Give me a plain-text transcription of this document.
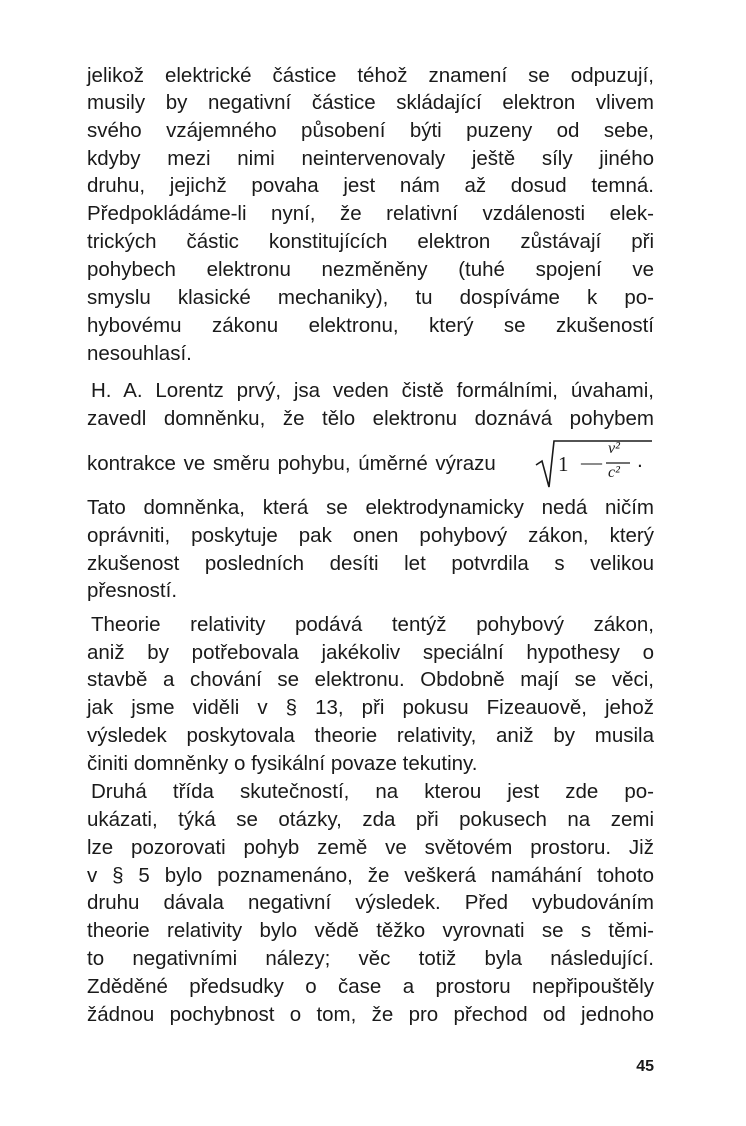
jelikož elektrické částice téhož znamení se odpuzují,
musily by negativní částice skládající elektron vlivem
svého vzájemného působení býti puzeny od sebe,
kdyby mezi nimi neintervenovaly ještě síly jiného
druhu, jejichž povaha jest nám až dosud temná.
Předpokládáme-li nyní, že relativní vzdálenosti elek-
trických částic konstitujících elektron zůstávají při
pohybech elektronu nezměněny (tuhé spojení ve
smyslu klasické mechaniky), tu dospíváme k po-
hybovému zákonu elektronu, který se zkušeností
nesouhlasí.
H. A. Lorentz prvý, jsa veden čistě formálními, úvahami,
zavedl domněnku, že tělo elektronu doznává pohybem
kontrakce ve směru pohybu, úměrné výrazu	1 —
v²
c²
.
Tato domněnka, která se elektrodynamicky nedá ničím
oprávniti, poskytuje pak onen pohybový zákon, který
zkušenost posledních desíti let potvrdila s velikou
přesností.
Theorie relativity podává tentýž pohybový zákon,
aniž by potřebovala jakékoliv speciální hypothesy o
stavbě a chování se elektronu. Obdobně mají se věci,
jak jsme viděli v § 13, při pokusu Fizeauově, jehož
výsledek poskytovala theorie relativity, aniž by musila
činiti domněnky o fysikální povaze tekutiny.
Druhá třída skutečností, na kterou jest zde po-
ukázati, týká se otázky, zda při pokusech na zemi
lze pozorovati pohyb země ve světovém prostoru. Již
v § 5 bylo poznamenáno, že veškerá namáhání tohoto
druhu dávala negativní výsledek. Před vybudováním
theorie relativity bylo vědě těžko vyrovnati se s těmi-
to negativními nálezy; věc totiž byla následující.
Zděděné předsudky o čase a prostoru nepřipouštěly
žádnou pochybnost o tom, že pro přechod od jednoho
45
